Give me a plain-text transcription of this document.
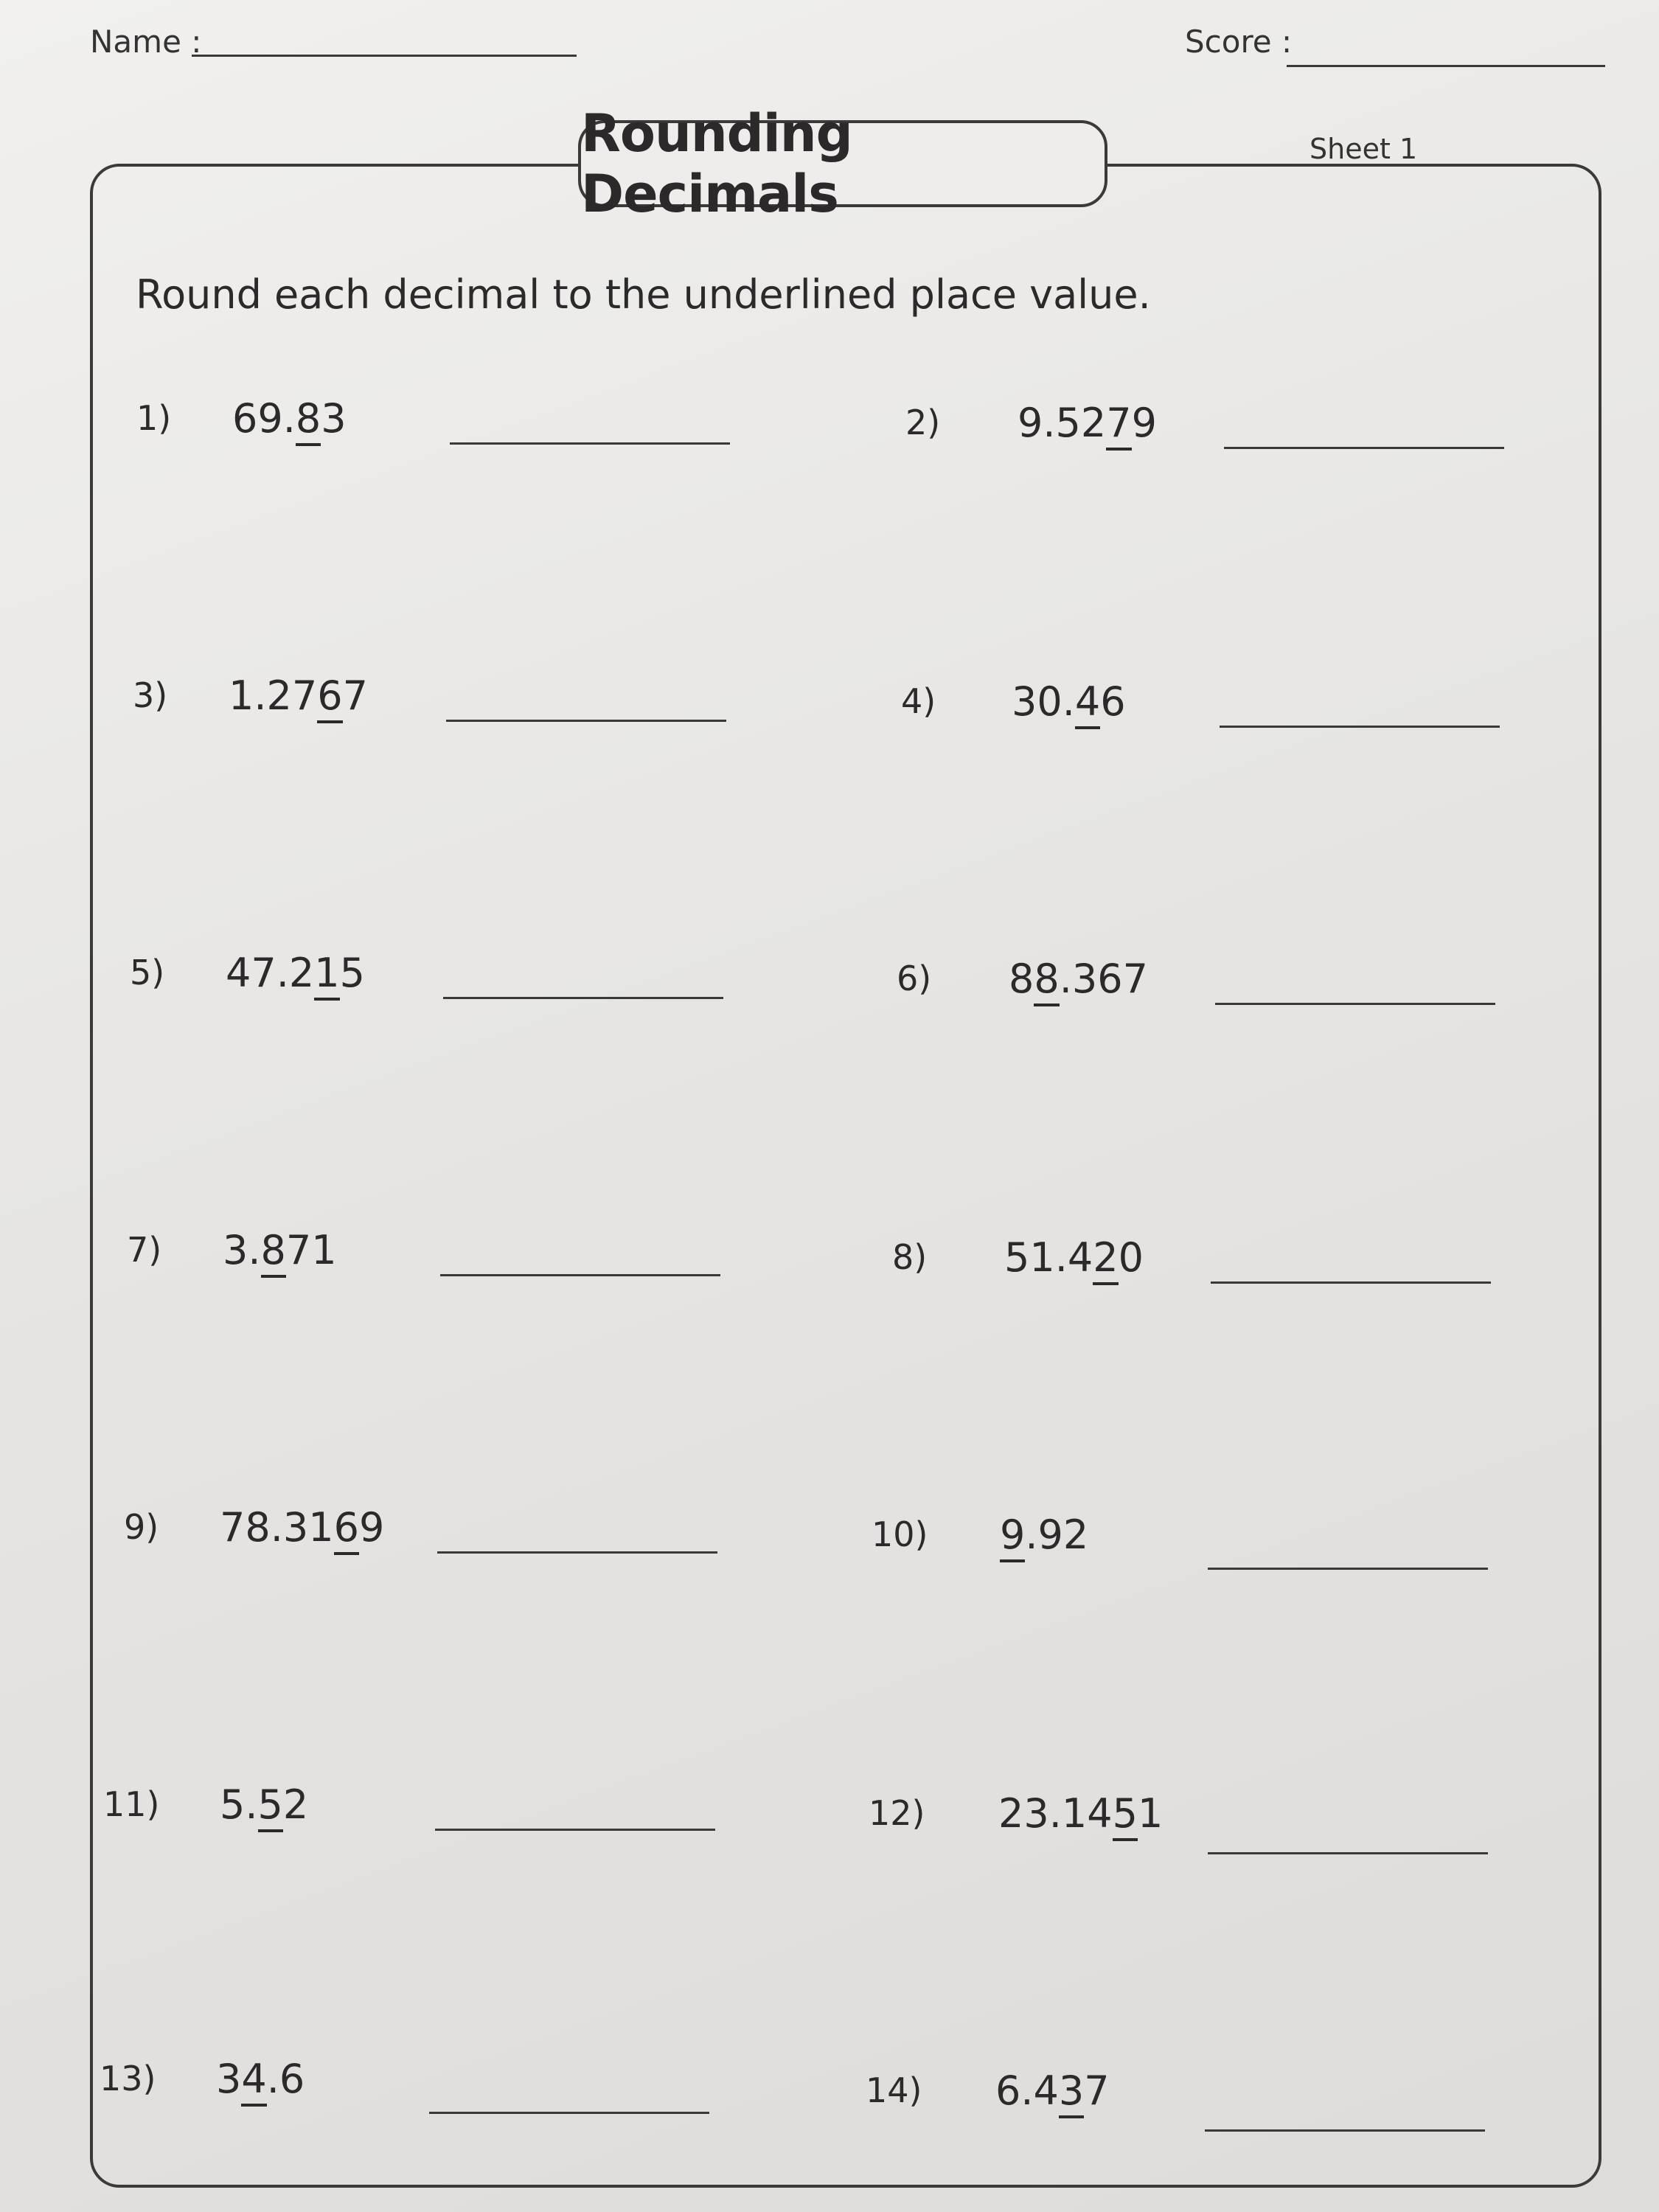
Name :	Score :
Rounding Decimals
Sheet 1
Round each decimal to the underlined place value.
1) 69.83
3) 1.2767
5) 47.215
7) 3.871
9) 78.3169
11) 5.52
13) 34.6
2) 9.5279
4) 30.46
6) 88.367
8) 51.420
10) 9.92
12) 23.1451
14) 6.437
